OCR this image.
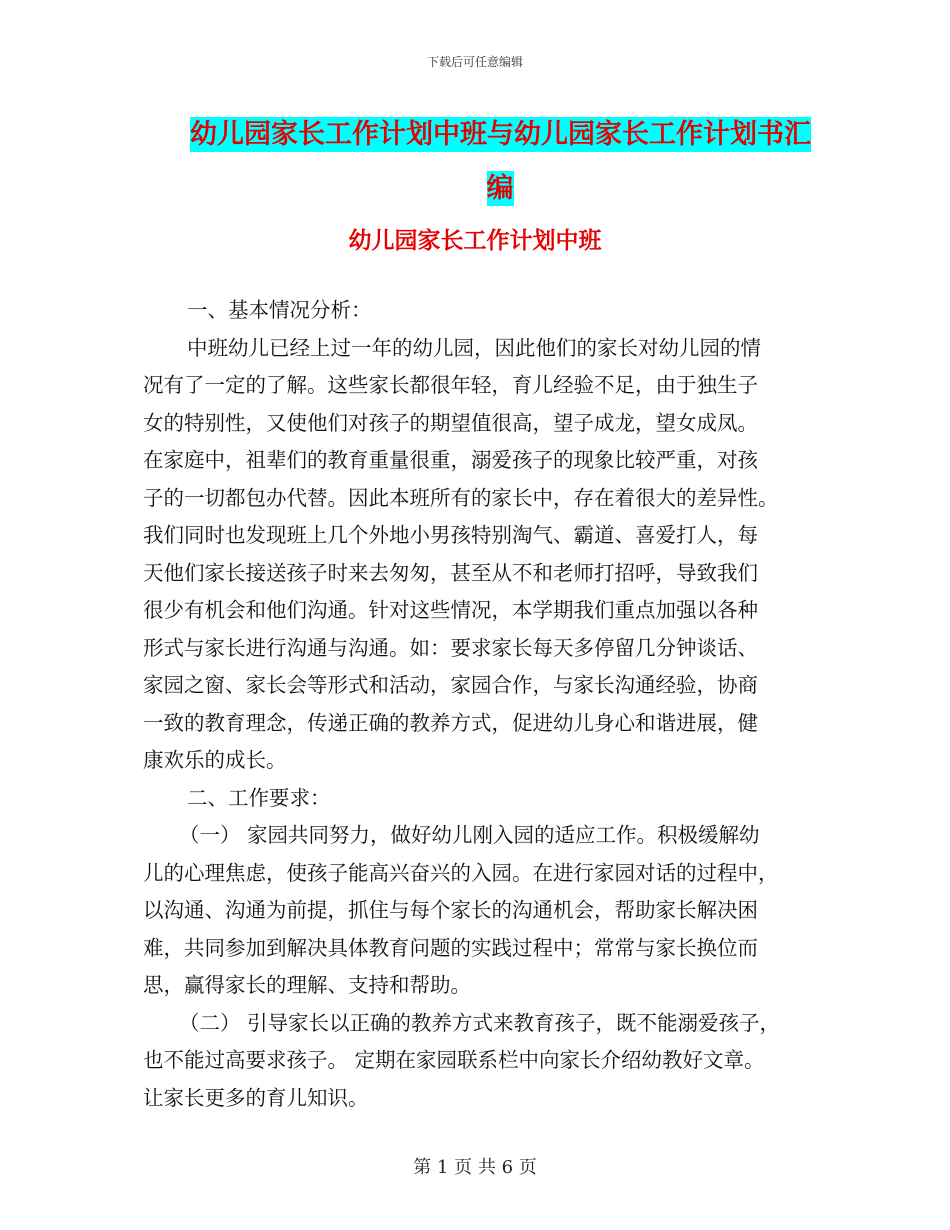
下载后可任意编辑
幼儿园家长工作计划中班与幼儿园家长工作计划书汇
编
幼儿园家长工作计划中班
一、基本情况分析：
中班幼儿已经上过一年的幼儿园，因此他们的家长对幼儿园的情
况有了一定的了解。这些家长都很年轻，育儿经验不足，由于独生子
女的特别性，又使他们对孩子的期望值很高，望子成龙，望女成凤。
在家庭中，祖辈们的教育重量很重，溺爱孩子的现象比较严重，对孩
子的一切都包办代替。因此本班所有的家长中，存在着很大的差异性。
我们同时也发现班上几个外地小男孩特别淘气、霸道、喜爱打人，每
天他们家长接送孩子时来去匆匆，甚至从不和老师打招呼，导致我们
很少有机会和他们沟通。针对这些情况，本学期我们重点加强以各种
形式与家长进行沟通与沟通。如：要求家长每天多停留几分钟谈话、
家园之窗、家长会等形式和活动，家园合作，与家长沟通经验，协商
一致的教育理念，传递正确的教养方式，促进幼儿身心和谐进展，健
康欢乐的成长。
二、工作要求：
（一） 家园共同努力，做好幼儿刚入园的适应工作。积极缓解幼
儿的心理焦虑，使孩子能高兴奋兴的入园。在进行家园对话的过程中，
以沟通、沟通为前提，抓住与每个家长的沟通机会，帮助家长解决困
难，共同参加到解决具体教育问题的实践过程中；常常与家长换位而
思，赢得家长的理解、支持和帮助。
（二） 引导家长以正确的教养方式来教育孩子，既不能溺爱孩子，
也不能过高要求孩子。 定期在家园联系栏中向家长介绍幼教好文章。
让家长更多的育儿知识。
第 1 页 共 6 页
